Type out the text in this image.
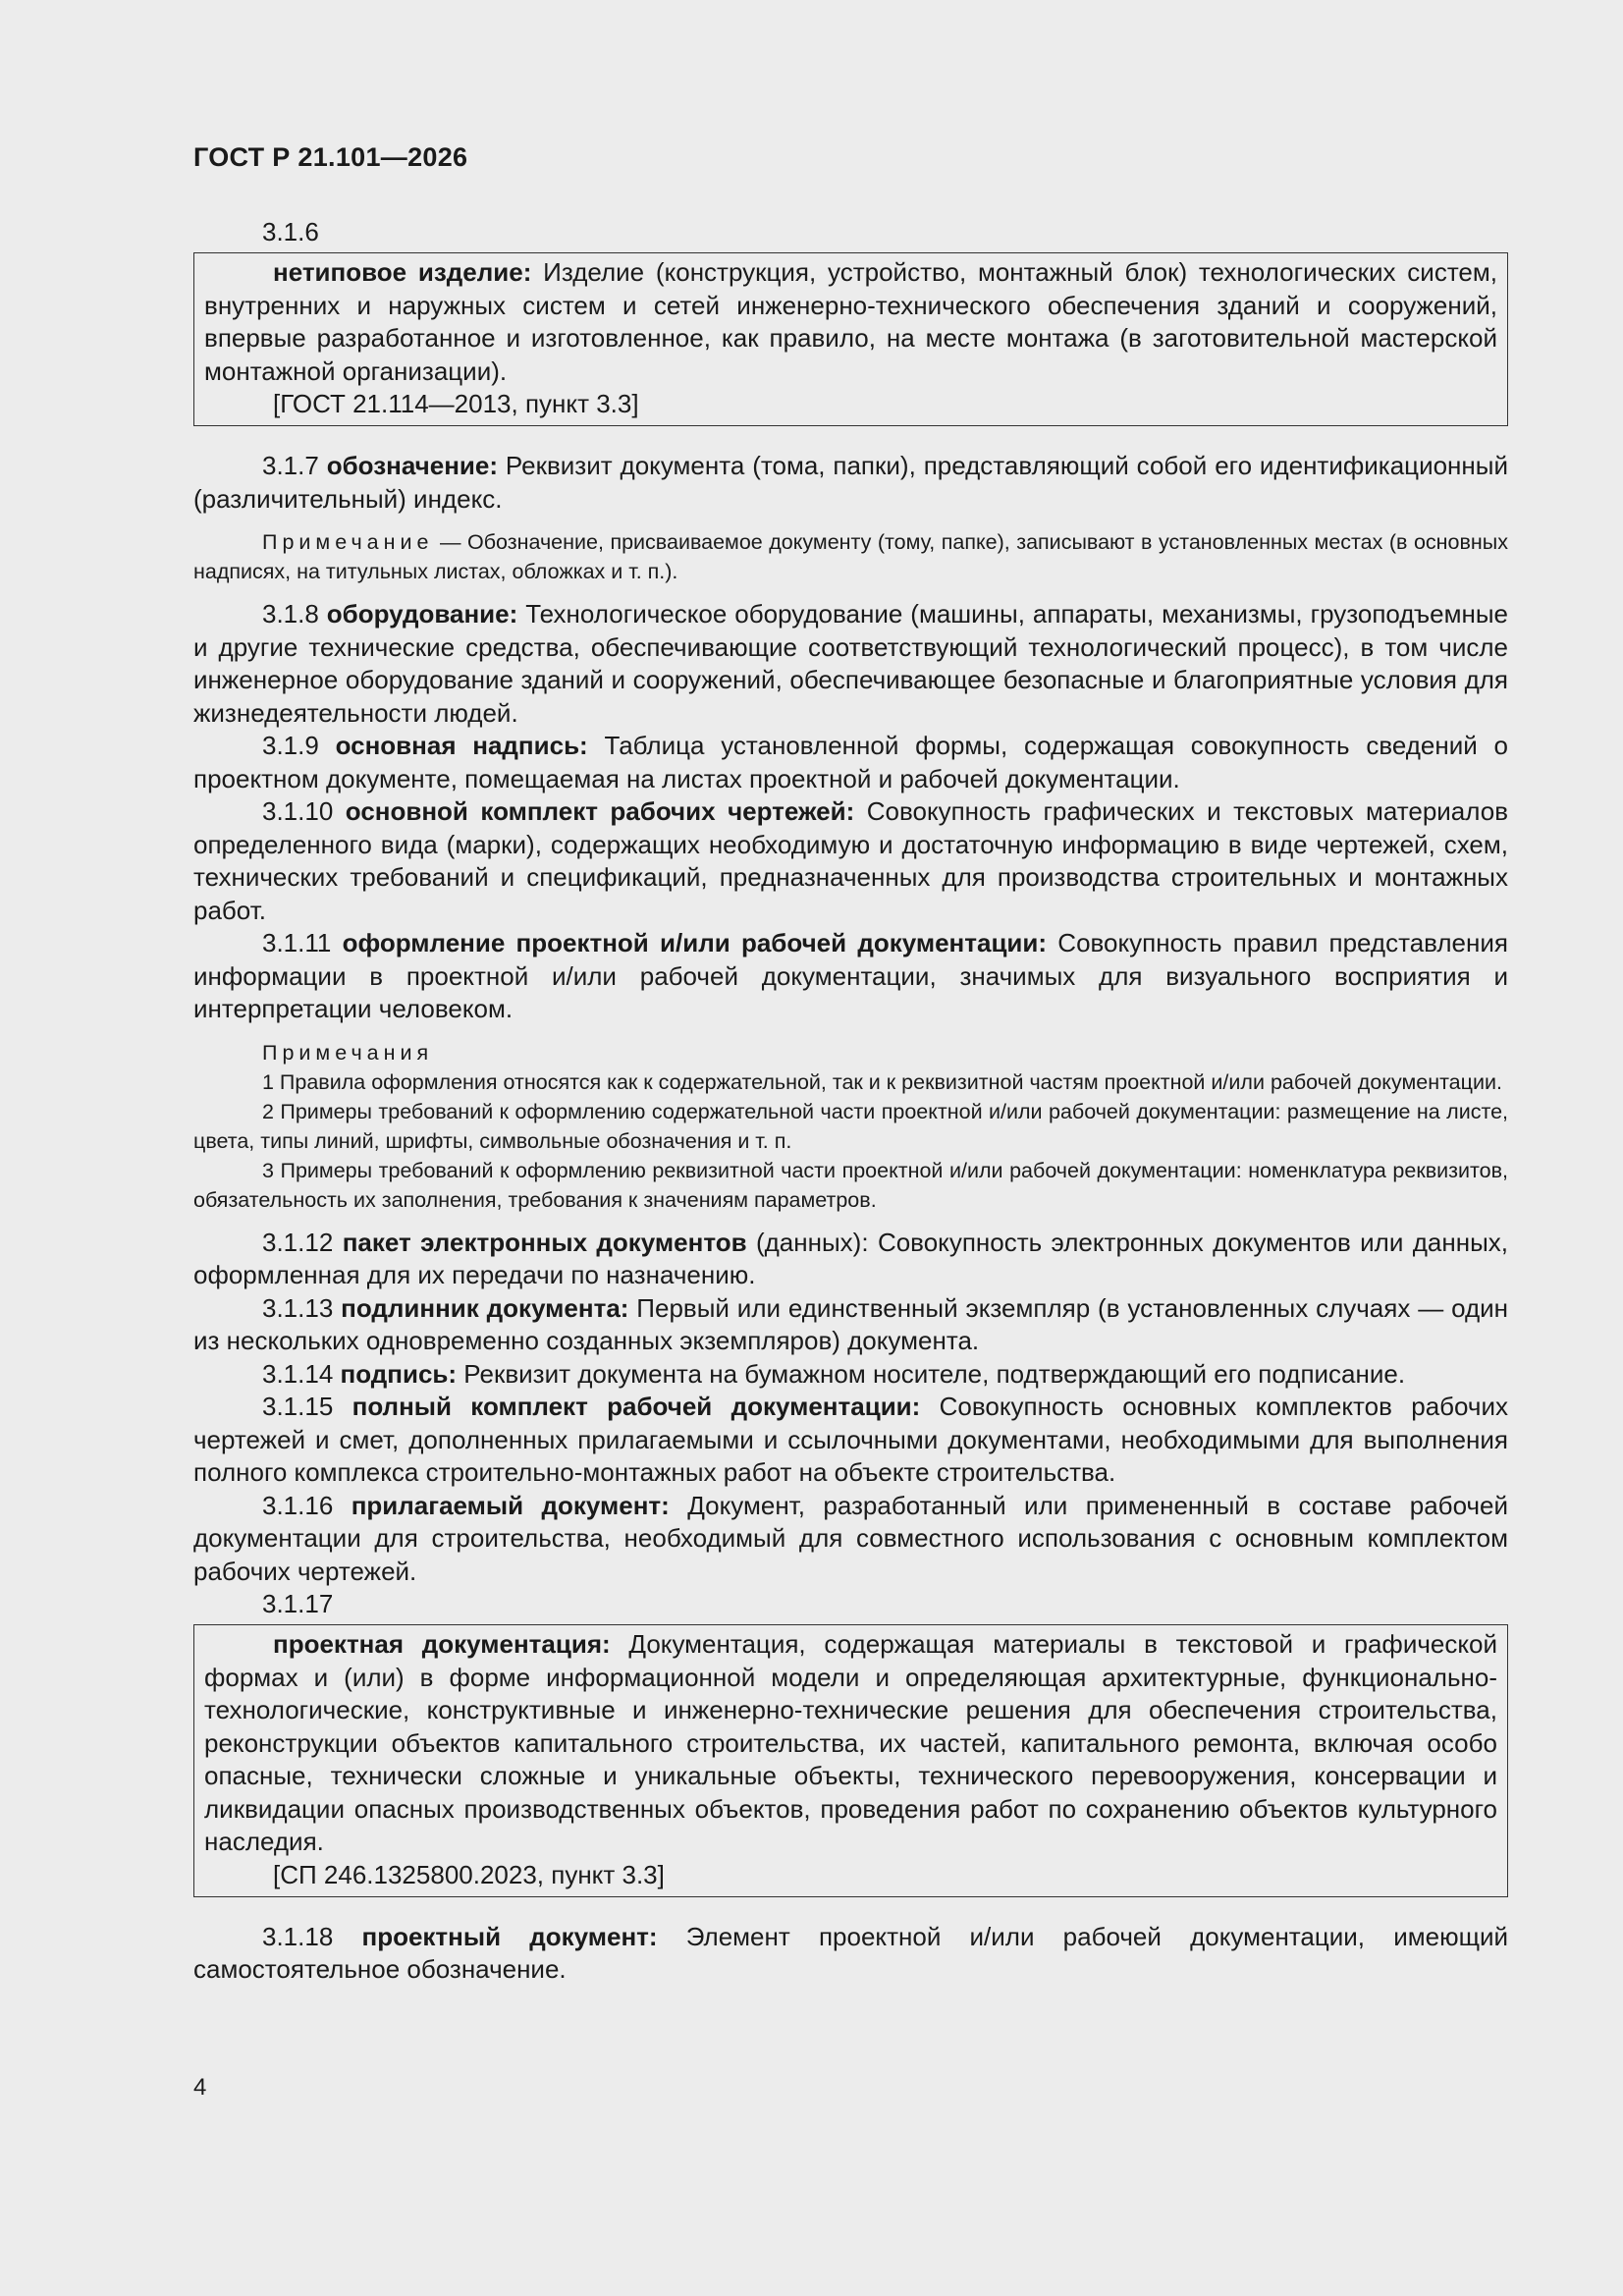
ГОСТ Р 21.101—2026
3.1.6

нетиповое изделие: Изделие (конструкция, устройство, монтажный блок) технологических систем, внутренних и наружных систем и сетей инженерно-технического обеспечения зданий и сооружений, впервые разработанное и изготовленное, как правило, на месте монтажа (в заготовительной мастерской монтажной организации).

[ГОСТ 21.114—2013, пункт 3.3]

3.1.7 обозначение: Реквизит документа (тома, папки), представляющий собой его идентификационный (различительный) индекс.

Примечание — Обозначение, присваиваемое документу (тому, папке), записывают в установленных местах (в основных надписях, на титульных листах, обложках и т. п.).

3.1.8 оборудование: Технологическое оборудование (машины, аппараты, механизмы, грузоподъемные и другие технические средства, обеспечивающие соответствующий технологический процесс), в том числе инженерное оборудование зданий и сооружений, обеспечивающее безопасные и благоприятные условия для жизнедеятельности людей.

3.1.9 основная надпись: Таблица установленной формы, содержащая совокупность сведений о проектном документе, помещаемая на листах проектной и рабочей документации.

3.1.10 основной комплект рабочих чертежей: Совокупность графических и текстовых материалов определенного вида (марки), содержащих необходимую и достаточную информацию в виде чертежей, схем, технических требований и спецификаций, предназначенных для производства строительных и монтажных работ.

3.1.11 оформление проектной и/или рабочей документации: Совокупность правил представления информации в проектной и/или рабочей документации, значимых для визуального восприятия и интерпретации человеком.

Примечания

1 Правила оформления относятся как к содержательной, так и к реквизитной частям проектной и/или рабочей документации.

2 Примеры требований к оформлению содержательной части проектной и/или рабочей документации: размещение на листе, цвета, типы линий, шрифты, символьные обозначения и т. п.

3 Примеры требований к оформлению реквизитной части проектной и/или рабочей документации: номенклатура реквизитов, обязательность их заполнения, требования к значениям параметров.

3.1.12 пакет электронных документов (данных): Совокупность электронных документов или данных, оформленная для их передачи по назначению.

3.1.13 подлинник документа: Первый или единственный экземпляр (в установленных случаях — один из нескольких одновременно созданных экземпляров) документа.

3.1.14 подпись: Реквизит документа на бумажном носителе, подтверждающий его подписание.

3.1.15 полный комплект рабочей документации: Совокупность основных комплектов рабочих чертежей и смет, дополненных прилагаемыми и ссылочными документами, необходимыми для выполнения полного комплекса строительно-монтажных работ на объекте строительства.

3.1.16 прилагаемый документ: Документ, разработанный или примененный в составе рабочей документации для строительства, необходимый для совместного использования с основным комплектом рабочих чертежей.

3.1.17

проектная документация: Документация, содержащая материалы в текстовой и графической формах и (или) в форме информационной модели и определяющая архитектурные, функционально-технологические, конструктивные и инженерно-технические решения для обеспечения строительства, реконструкции объектов капитального строительства, их частей, капитального ремонта, включая особо опасные, технически сложные и уникальные объекты, технического перевооружения, консервации и ликвидации опасных производственных объектов, проведения работ по сохранению объектов культурного наследия.

[СП 246.1325800.2023, пункт 3.3]

3.1.18 проектный документ: Элемент проектной и/или рабочей документации, имеющий самостоятельное обозначение.

4
